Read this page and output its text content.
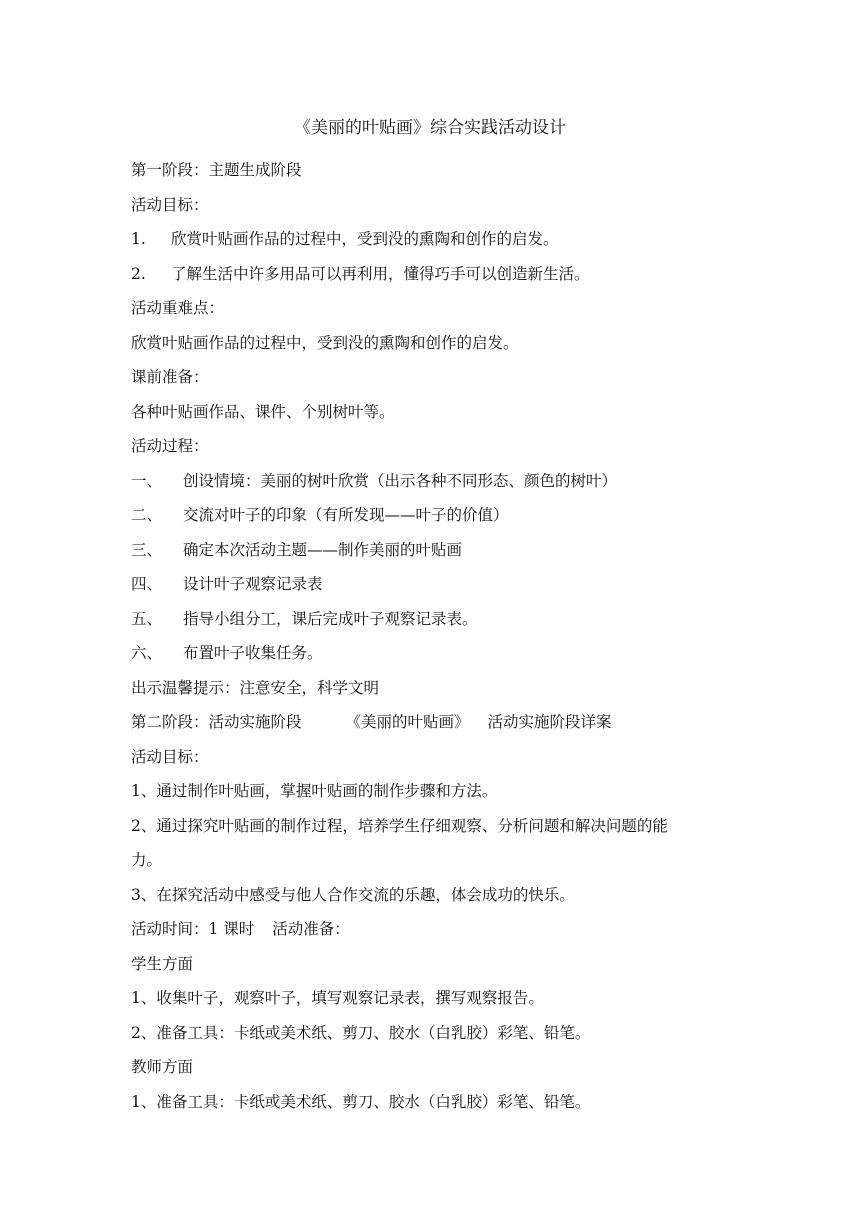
《美丽的叶贴画》综合实践活动设计
第一阶段：主题生成阶段
活动目标：
1. 欣赏叶贴画作品的过程中，受到没的熏陶和创作的启发。
2. 了解生活中许多用品可以再利用，懂得巧手可以创造新生活。
活动重难点：
欣赏叶贴画作品的过程中，受到没的熏陶和创作的启发。
课前准备：
各种叶贴画作品、课件、个别树叶等。
活动过程：
一、 创设情境：美丽的树叶欣赏（出示各种不同形态、颜色的树叶）
二、 交流对叶子的印象（有所发现——叶子的价值）
三、 确定本次活动主题——制作美丽的叶贴画
四、 设计叶子观察记录表
五、 指导小组分工，课后完成叶子观察记录表。
六、 布置叶子收集任务。
出示温馨提示：注意安全，科学文明
第二阶段：活动实施阶段	《美丽的叶贴画》 活动实施阶段详案
活动目标：
1、通过制作叶贴画，掌握叶贴画的制作步骤和方法。
2、通过探究叶贴画的制作过程，培养学生仔细观察、分析问题和解决问题的能
力。
3、在探究活动中感受与他人合作交流的乐趣，体会成功的快乐。
活动时间：1 课时 活动准备：
学生方面
1、收集叶子，观察叶子，填写观察记录表，撰写观察报告。
2、准备工具：卡纸或美术纸、剪刀、胶水（白乳胶）彩笔、铅笔。
教师方面
1、准备工具：卡纸或美术纸、剪刀、胶水（白乳胶）彩笔、铅笔。
